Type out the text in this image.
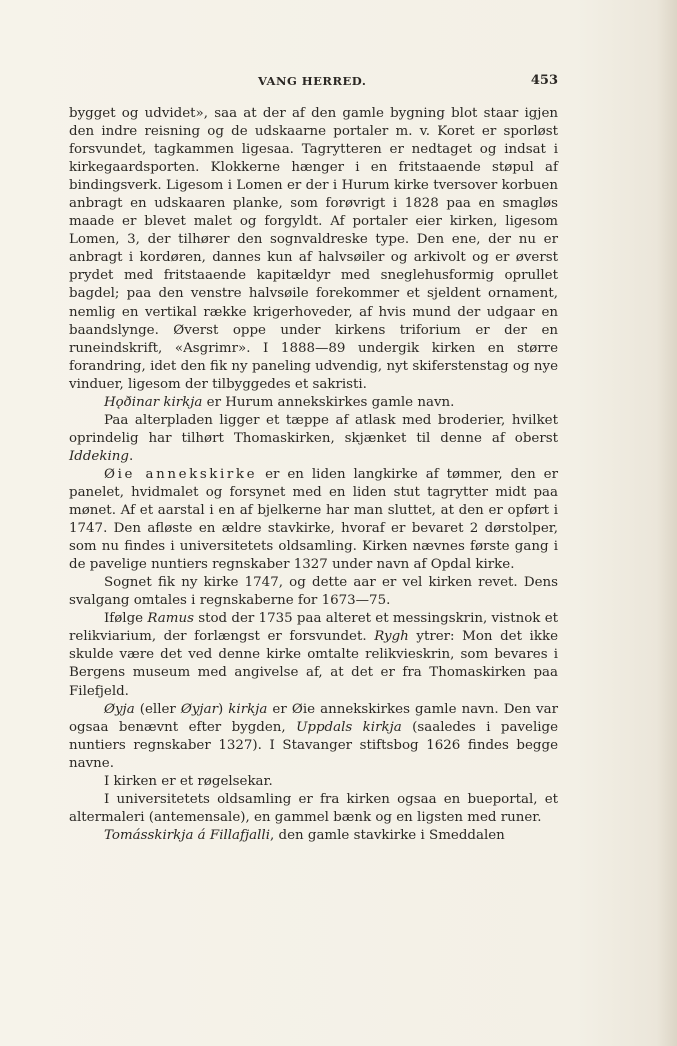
VANG HERRED.	453

bygget og udvidet», saa at der af den gamle bygning blot staar igjen den indre reisning og de udskaarne portaler m. v. Koret er sporløst forsvundet, tagkammen ligesaa. Tagrytteren er nedtaget og indsat i kirkegaardsporten. Klokkerne hænger i en fritstaaende støpul af bindingsverk. Ligesom i Lomen er der i Hurum kirke tversover korbuen anbragt en udskaaren planke, som forøvrigt i 1828 paa en smagløs maade er blevet malet og forgyldt. Af portaler eier kirken, ligesom Lomen, 3, der tilhører den sognvaldreske type. Den ene, der nu er anbragt i kordøren, dannes kun af halvsøiler og arkivolt og er øverst prydet med fritstaaende kapitældyr med sneglehusformig oprullet bagdel; paa den venstre halvsøile forekommer et sjeldent ornament, nemlig en vertikal række krigerhoveder, af hvis mund der udgaar en baandslynge. Øverst oppe under kirkens triforium er der en runeindskrift, «Asgrimr». I 1888—89 undergik kirken en større forandring, idet den fik ny paneling udvendig, nyt skiferstenstag og nye vinduer, ligesom der tilbyggedes et sakristi.

Hǫðinar kirkja er Hurum annekskirkes gamle navn.

Paa alterpladen ligger et tæppe af atlask med broderier, hvilket oprindelig har tilhørt Thomaskirken, skjænket til denne af oberst Iddeking.

Øie annekskirke er en liden langkirke af tømmer, den er panelet, hvidmalet og forsynet med en liden stut tagrytter midt paa mønet. Af et aarstal i en af bjelkerne har man sluttet, at den er opført i 1747. Den afløste en ældre stavkirke, hvoraf er bevaret 2 dørstolper, som nu findes i universitetets oldsamling. Kirken nævnes første gang i de pavelige nuntiers regnskaber 1327 under navn af Opdal kirke.

Sognet fik ny kirke 1747, og dette aar er vel kirken revet. Dens svalgang omtales i regnskaberne for 1673—75.

Ifølge Ramus stod der 1735 paa alteret et messingskrin, vistnok et relikviarium, der forlængst er forsvundet. Rygh ytrer: Mon det ikke skulde være det ved denne kirke omtalte relikvieskrin, som bevares i Bergens museum med angivelse af, at det er fra Thomaskirken paa Filefjeld.

Øyja (eller Øyjar) kirkja er Øie annekskirkes gamle navn. Den var ogsaa benævnt efter bygden, Uppdals kirkja (saaledes i pavelige nuntiers regnskaber 1327). I Stavanger stiftsbog 1626 findes begge navne.

I kirken er et røgelsekar.

I universitetets oldsamling er fra kirken ogsaa en bueportal, et altermaleri (antemensale), en gammel bænk og en ligsten med runer.

Tomásskirkja á Fillafjalli, den gamle stavkirke i Smeddalen
